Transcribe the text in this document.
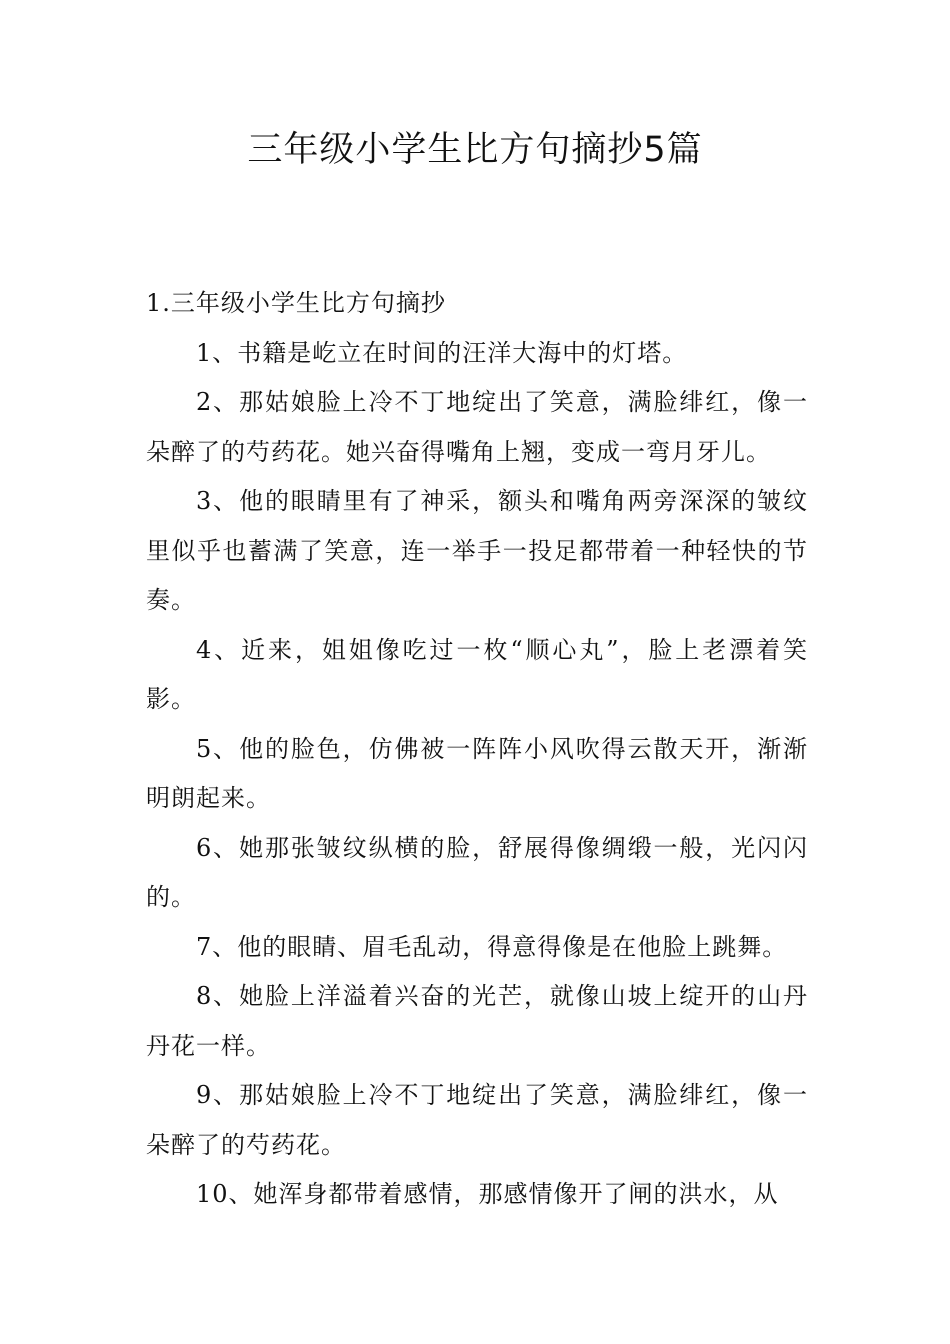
三年级小学生比方句摘抄5篇

1.三年级小学生比方句摘抄

1、书籍是屹立在时间的汪洋大海中的灯塔。

2、那姑娘脸上冷不丁地绽出了笑意，满脸绯红，像一朵醉了的芍药花。她兴奋得嘴角上翘，变成一弯月牙儿。

3、他的眼睛里有了神采，额头和嘴角两旁深深的皱纹里似乎也蓄满了笑意，连一举手一投足都带着一种轻快的节奏。

4、近来，姐姐像吃过一枚“顺心丸”，脸上老漂着笑影。

5、他的脸色，仿佛被一阵阵小风吹得云散天开，渐渐明朗起来。

6、她那张皱纹纵横的脸，舒展得像绸缎一般，光闪闪的。

7、他的眼睛、眉毛乱动，得意得像是在他脸上跳舞。

8、她脸上洋溢着兴奋的光芒，就像山坡上绽开的山丹丹花一样。

9、那姑娘脸上冷不丁地绽出了笑意，满脸绯红，像一朵醉了的芍药花。

10、她浑身都带着感情，那感情像开了闸的洪水，从
